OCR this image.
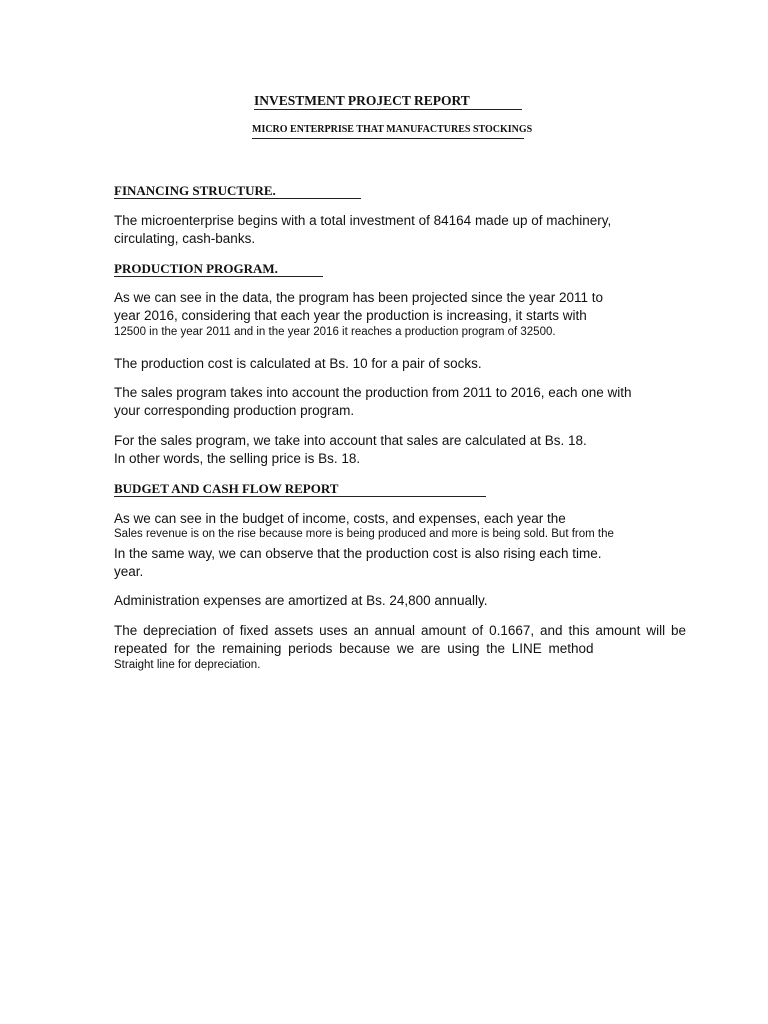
INVESTMENT PROJECT REPORT
MICRO ENTERPRISE THAT MANUFACTURES STOCKINGS
FINANCING STRUCTURE.
The microenterprise begins with a total investment of 84164 made up of machinery,
circulating, cash-banks.
PRODUCTION PROGRAM.
As we can see in the data, the program has been projected since the year 2011 to
year 2016, considering that each year the production is increasing, it starts with
12500 in the year 2011 and in the year 2016 it reaches a production program of 32500.
The production cost is calculated at Bs. 10 for a pair of socks.
The sales program takes into account the production from 2011 to 2016, each one with
your corresponding production program.
For the sales program, we take into account that sales are calculated at Bs. 18.
In other words, the selling price is Bs. 18.
BUDGET AND CASH FLOW REPORT
As we can see in the budget of income, costs, and expenses, each year the
Sales revenue is on the rise because more is being produced and more is being sold. But from the
In the same way, we can observe that the production cost is also rising each time.
year.
Administration expenses are amortized at Bs. 24,800 annually.
The depreciation of fixed assets uses an annual amount of 0.1667, and this amount will be
repeated for the remaining periods because we are using the LINE method
Straight line for depreciation.
